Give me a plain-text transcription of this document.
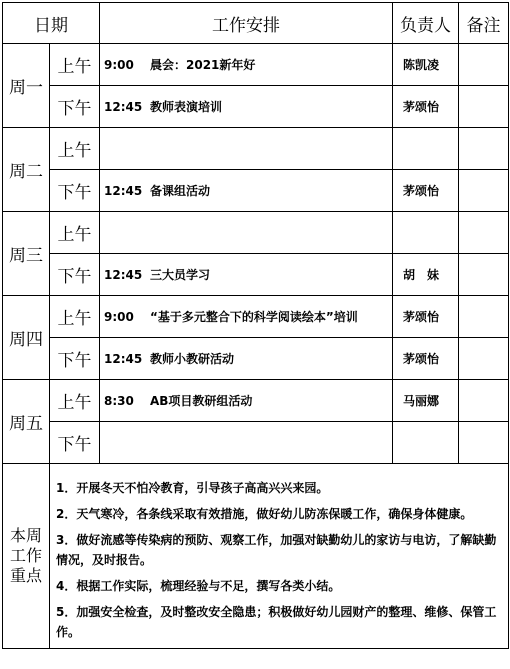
日期		工作安排	负责人	备注
周一	上午	9:00 晨会：2021新年好	陈凯凌	
	下午	12:45 教师表演培训	茅颂怡	
周二	上午			
	下午	12:45 备课组活动	茅颂怡	
周三	上午			
	下午	12:45 三大员学习	胡　妹	
周四	上午	9:00 “基于多元整合下的科学阅读绘本”培训	茅颂怡	
	下午	12:45 教师小教研活动	茅颂怡	
周五	上午	8:30 AB项目教研组活动	马丽娜	
	下午			
本周工作重点	1．开展冬天不怕冷教育，引导孩子高高兴兴来园。
2．天气寒冷，各条线采取有效措施，做好幼儿防冻保暖工作，确保身体健康。
3．做好流感等传染病的预防、观察工作，加强对缺勤幼儿的家访与电访，了解缺勤情况，及时报告。
4．根据工作实际，梳理经验与不足，撰写各类小结。
5．加强安全检查，及时整改安全隐患；积极做好幼儿园财产的整理、维修、保管工作。			
